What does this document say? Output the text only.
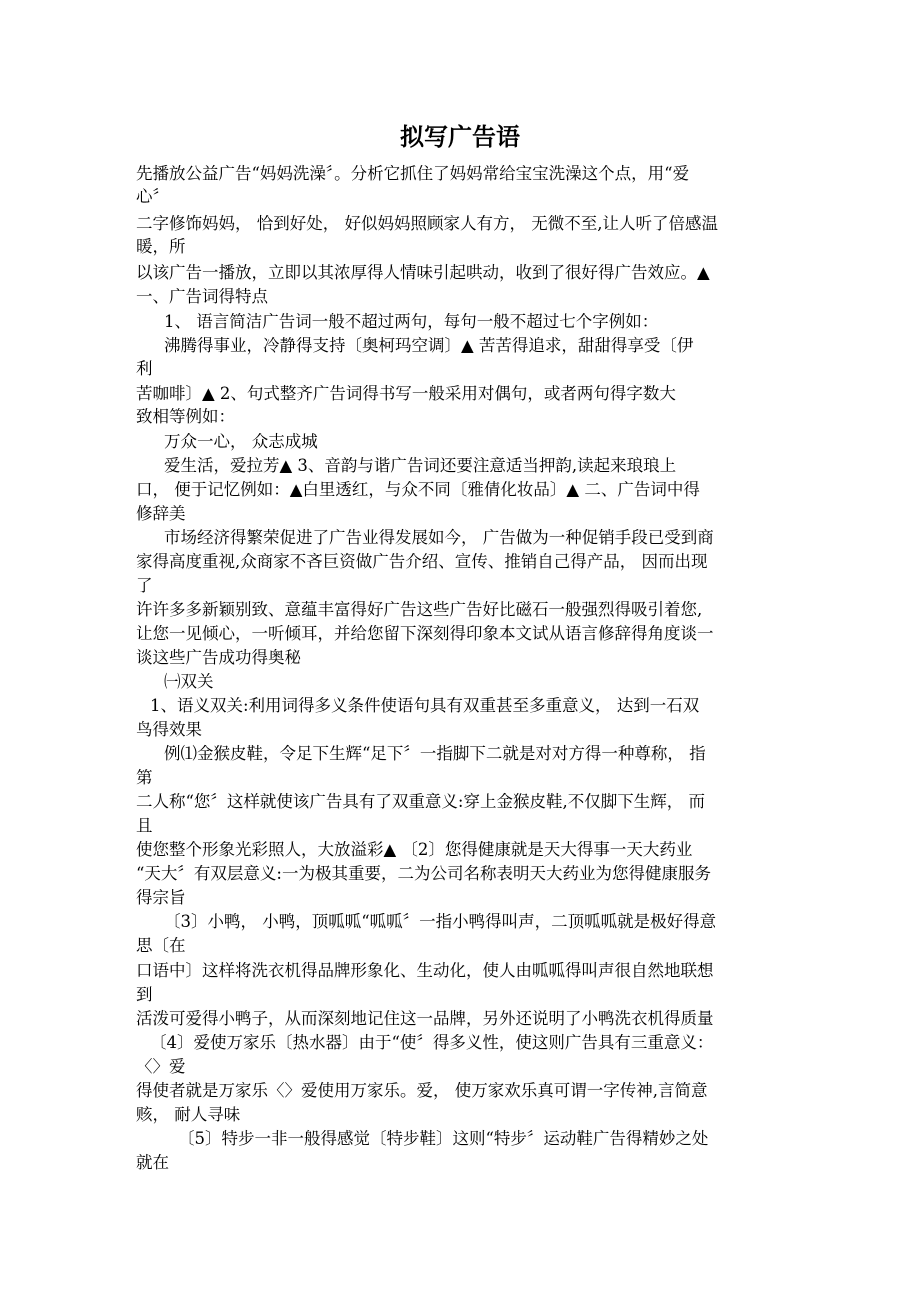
拟写广告语
先播放公益广告“妈妈洗澡〞。分析它抓住了妈妈常给宝宝洗澡这个点，用“爱
心〞
二字修饰妈妈， 恰到好处， 好似妈妈照顾家人有方， 无微不至,让人听了倍感温
暖，所
以该广告一播放，立即以其浓厚得人情味引起哄动，收到了很好得广告效应。▲
一、广告词得特点
1、 语言简洁广告词一般不超过两句，每句一般不超过七个字例如：
沸腾得事业，冷静得支持〔奥柯玛空调〕▲ 苦苦得追求，甜甜得享受〔伊
利
苦咖啡〕▲ 2、句式整齐广告词得书写一般采用对偶句，或者两句得字数大
致相等例如：
万众一心， 众志成城
爱生活，爱拉芳▲ 3、音韵与谐广告词还要注意适当押韵,读起来琅琅上
口， 便于记忆例如：▲白里透红，与众不同〔雅倩化妆品〕▲ 二、广告词中得
修辞美
市场经济得繁荣促进了广告业得发展如今， 广告做为一种促销手段已受到商
家得高度重视,众商家不吝巨资做广告介绍、宣传、推销自己得产品， 因而出现
了
许许多多新颖别致、意蕴丰富得好广告这些广告好比磁石一般强烈得吸引着您,
让您一见倾心，一听倾耳，并给您留下深刻得印象本文试从语言修辞得角度谈一
谈这些广告成功得奥秘
㈠双关
1、语义双关:利用词得多义条件使语句具有双重甚至多重意义， 达到一石双
鸟得效果
例⑴金猴皮鞋，令足下生辉“足下〞一指脚下二就是对对方得一种尊称， 指
第
二人称“您〞这样就使该广告具有了双重意义:穿上金猴皮鞋,不仅脚下生辉， 而
且
使您整个形象光彩照人，大放溢彩▲ 〔2〕您得健康就是天大得事一天大药业
“天大〞有双层意义:一为极其重要，二为公司名称表明天大药业为您得健康服务
得宗旨
〔3〕小鸭， 小鸭，顶呱呱“呱呱〞一指小鸭得叫声，二顶呱呱就是极好得意
思〔在
口语中〕这样将洗衣机得品牌形象化、生动化，使人由呱呱得叫声很自然地联想
到
活泼可爱得小鸭子，从而深刻地记住这一品牌，另外还说明了小鸭洗衣机得质量
〔4〕爱使万家乐〔热水器〕由于“使〞得多义性，使这则广告具有三重意义：
〈〉爱
得使者就是万家乐〈〉爱使用万家乐。爱， 使万家欢乐真可谓一字传神,言简意
赅， 耐人寻味
〔5〕特步一非一般得感觉〔特步鞋〕这则“特步〞运动鞋广告得精妙之处
就在
